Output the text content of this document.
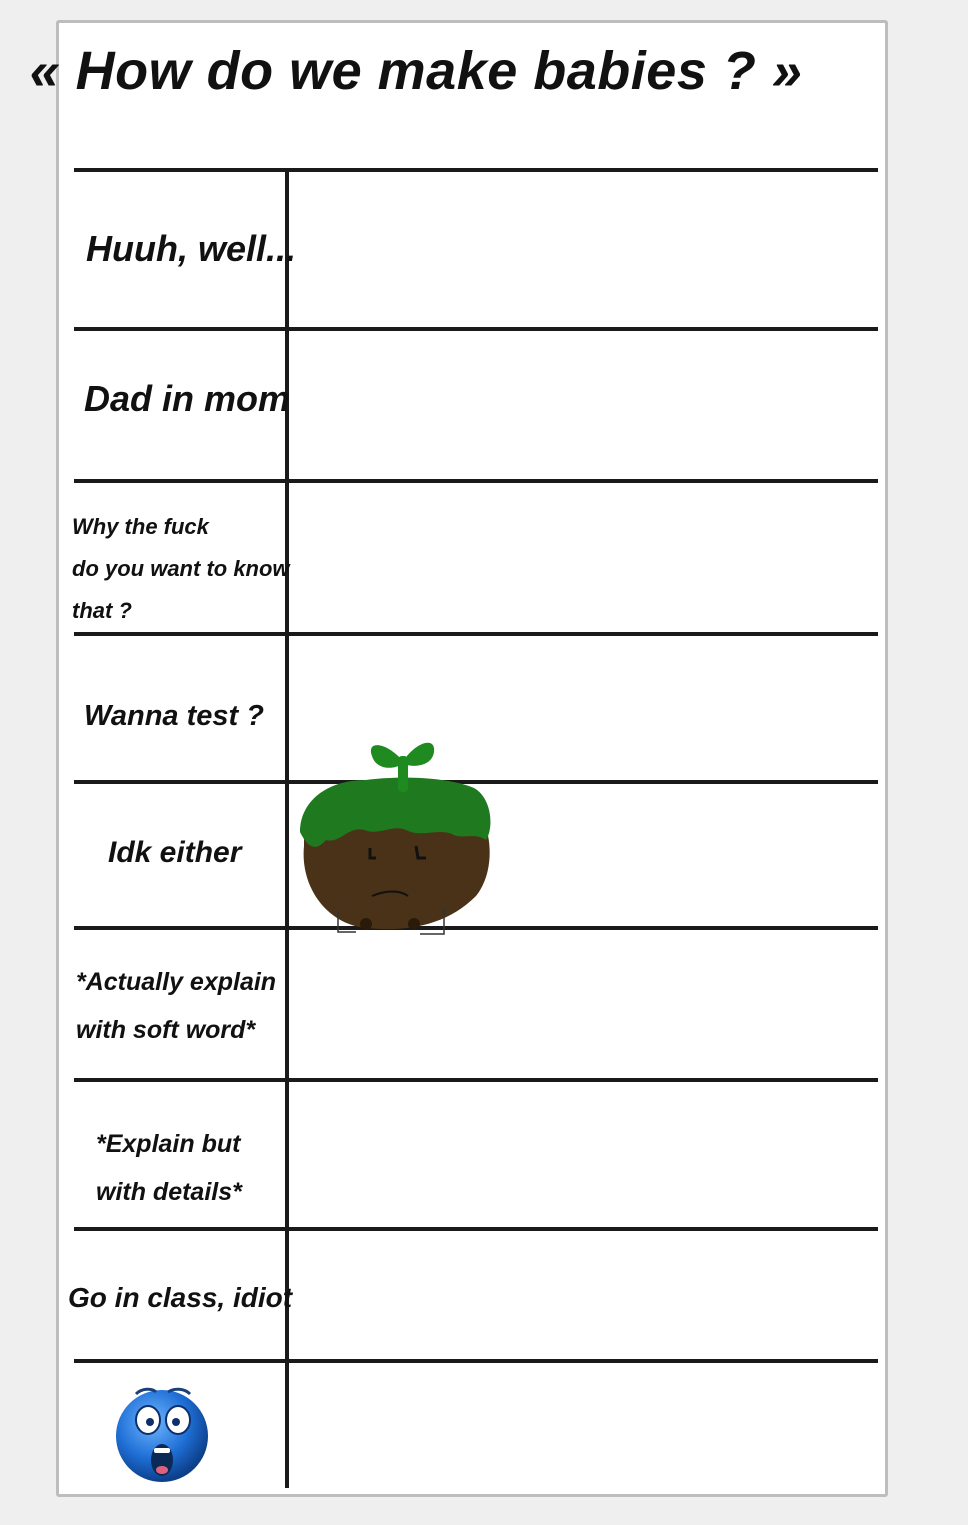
« How do we make babies ? »
Huuh, well...
Dad in mom
Why the fuck
do you want to know
that ?
Wanna test ?
Idk either
*Actually explain
with soft word*
*Explain but
with details*
Go in class, idiot
